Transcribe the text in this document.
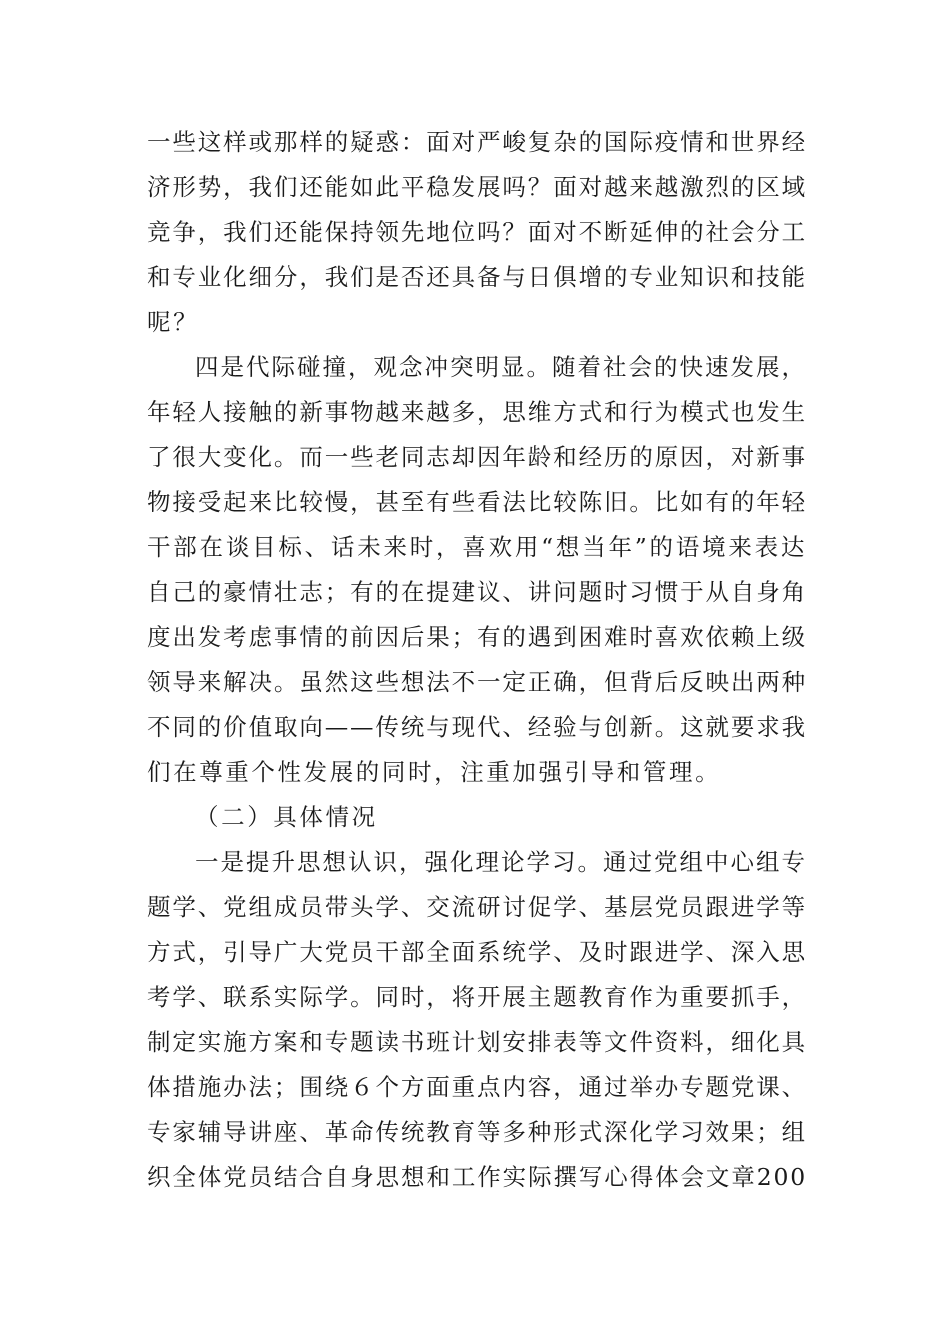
一些这样或那样的疑惑：面对严峻复杂的国际疫情和世界经
济形势，我们还能如此平稳发展吗？面对越来越激烈的区域
竞争，我们还能保持领先地位吗？面对不断延伸的社会分工
和专业化细分，我们是否还具备与日俱增的专业知识和技能
呢？
四是代际碰撞，观念冲突明显。随着社会的快速发展，
年轻人接触的新事物越来越多，思维方式和行为模式也发生
了很大变化。而一些老同志却因年龄和经历的原因，对新事
物接受起来比较慢，甚至有些看法比较陈旧。比如有的年轻
干部在谈目标、话未来时，喜欢用“想当年”的语境来表达
自己的豪情壮志；有的在提建议、讲问题时习惯于从自身角
度出发考虑事情的前因后果；有的遇到困难时喜欢依赖上级
领导来解决。虽然这些想法不一定正确，但背后反映出两种
不同的价值取向——传统与现代、经验与创新。这就要求我
们在尊重个性发展的同时，注重加强引导和管理。
（二）具体情况
一是提升思想认识，强化理论学习。通过党组中心组专
题学、党组成员带头学、交流研讨促学、基层党员跟进学等
方式，引导广大党员干部全面系统学、及时跟进学、深入思
考学、联系实际学。同时，将开展主题教育作为重要抓手，
制定实施方案和专题读书班计划安排表等文件资料，细化具
体措施办法；围绕６个方面重点内容，通过举办专题党课、
专家辅导讲座、革命传统教育等多种形式深化学习效果；组
织全体党员结合自身思想和工作实际撰写心得体会文章200
